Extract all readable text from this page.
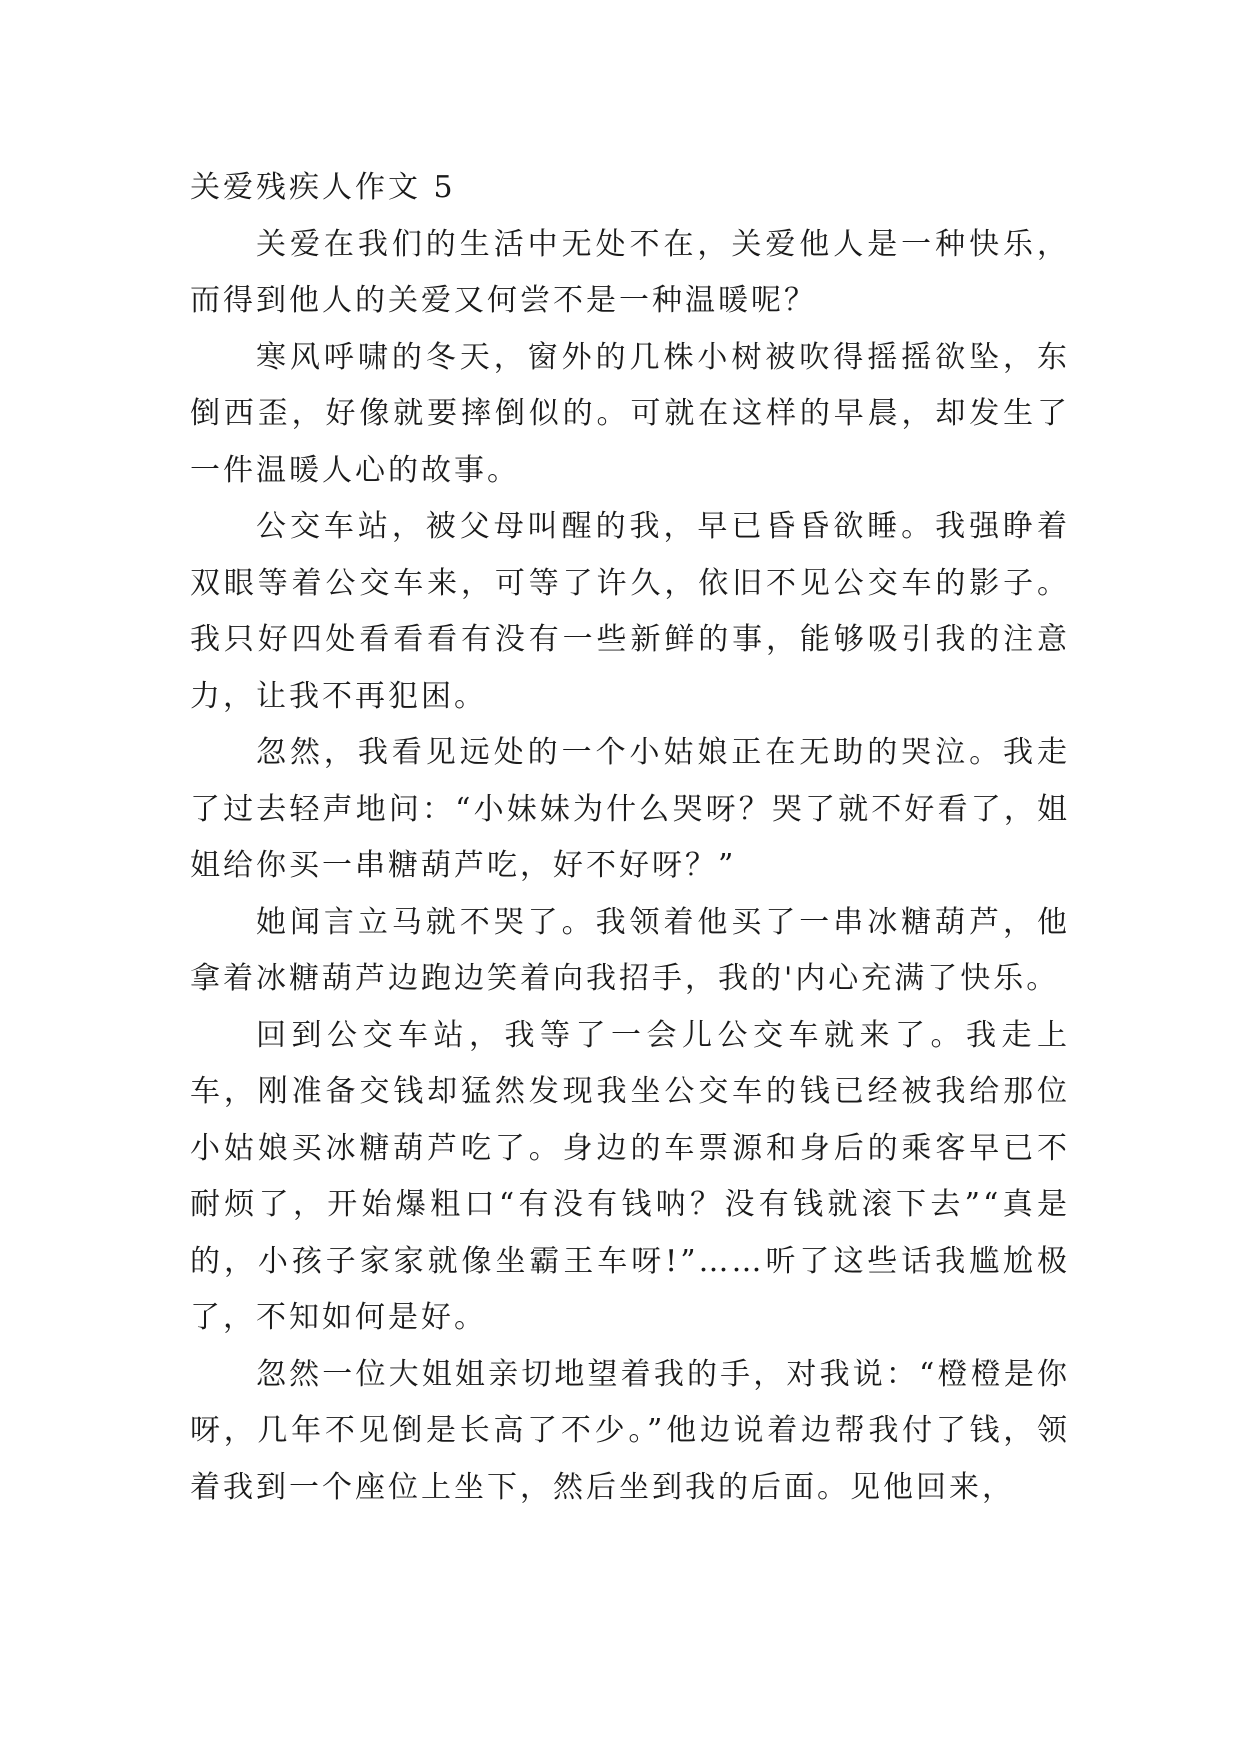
关爱残疾人作文 5

关爱在我们的生活中无处不在，关爱他人是一种快乐，而得到他人的关爱又何尝不是一种温暖呢？

寒风呼啸的冬天，窗外的几株小树被吹得摇摇欲坠，东倒西歪，好像就要摔倒似的。可就在这样的早晨，却发生了一件温暖人心的故事。

公交车站，被父母叫醒的我，早已昏昏欲睡。我强睁着双眼等着公交车来，可等了许久，依旧不见公交车的影子。我只好四处看看看有没有一些新鲜的事，能够吸引我的注意力，让我不再犯困。

忽然，我看见远处的一个小姑娘正在无助的哭泣。我走了过去轻声地问：“小妹妹为什么哭呀？哭了就不好看了，姐姐给你买一串糖葫芦吃，好不好呀？”

她闻言立马就不哭了。我领着他买了一串冰糖葫芦，他拿着冰糖葫芦边跑边笑着向我招手，我的'内心充满了快乐。

回到公交车站，我等了一会儿公交车就来了。我走上车，刚准备交钱却猛然发现我坐公交车的钱已经被我给那位小姑娘买冰糖葫芦吃了。身边的车票源和身后的乘客早已不耐烦了，开始爆粗口“有没有钱呐？没有钱就滚下去”“真是的，小孩子家家就像坐霸王车呀!”……听了这些话我尴尬极了，不知如何是好。

忽然一位大姐姐亲切地望着我的手，对我说：“橙橙是你呀，几年不见倒是长高了不少。”他边说着边帮我付了钱，领着我到一个座位上坐下，然后坐到我的后面。见他回来，
